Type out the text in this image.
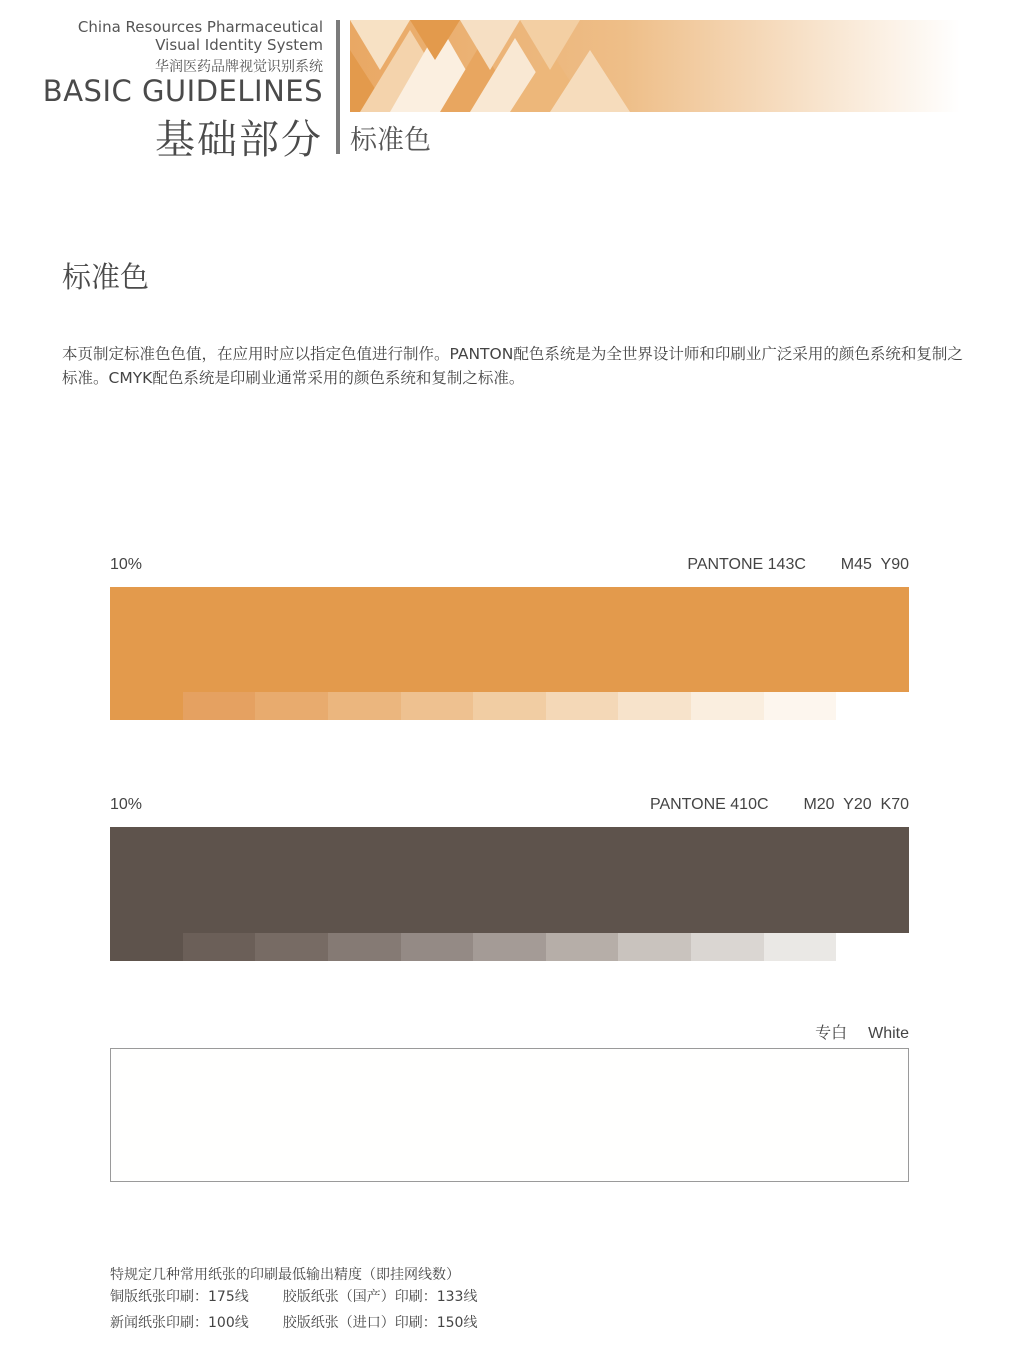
China Resources Pharmaceutical
Visual Identity System
华润医药品牌视觉识别系统
BASIC GUIDELINES
基础部分 标准色
标准色
本页制定标准色色值，在应用时应以指定色值进行制作。PANTON配色系统是为全世界设计师和印刷业广泛采用的颜色系统和复制之标准。CMYK配色系统是印刷业通常采用的颜色系统和复制之标准。
10%	PANTONE 143C M45  Y90
10%	PANTONE 410C M20  Y20  K70
专白 White
特规定几种常用纸张的印刷最低输出精度（即挂网线数）
铜版纸张印刷：175线 胶版纸张（国产）印刷：133线
新闻纸张印刷：100线 胶版纸张（进口）印刷：150线
